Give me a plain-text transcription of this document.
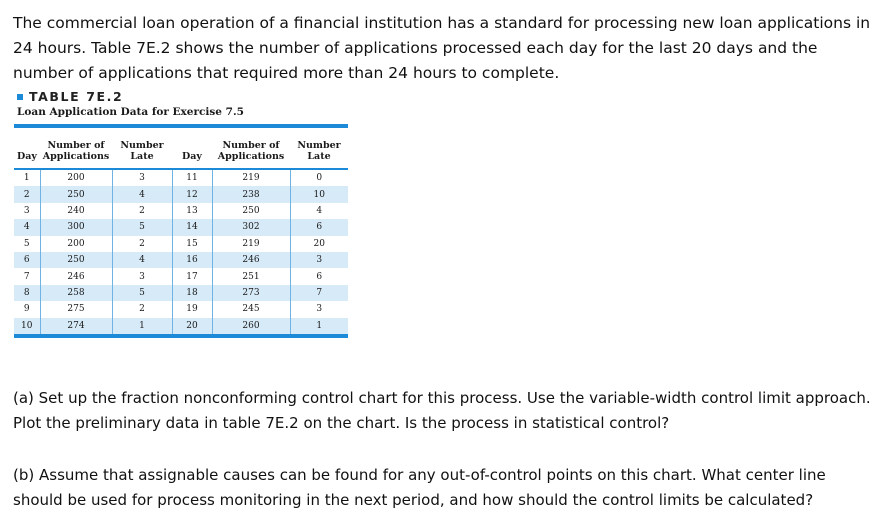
The commercial loan operation of a financial institution has a standard for processing new loan applications in 24 hours. Table 7E.2 shows the number of applications processed each day for the last 20 days and the number of applications that required more than 24 hours to complete.

TABLE 7E.2
Loan Application Data for Exercise 7.5
	Number of	Number		Number of	Number
Day	Applications	Late	Day	Applications	Late
1	200	3	11	219	0
2	250	4	12	238	10
3	240	2	13	250	4
4	300	5	14	302	6
5	200	2	15	219	20
6	250	4	16	246	3
7	246	3	17	251	6
8	258	5	18	273	7
9	275	2	19	245	3
10	274	1	20	260	1

(a) Set up the fraction nonconforming control chart for this process. Use the variable-width control limit approach. Plot the preliminary data in table 7E.2 on the chart. Is the process in statistical control?

(b) Assume that assignable causes can be found for any out-of-control points on this chart. What center line should be used for process monitoring in the next period, and how should the control limits be calculated?
